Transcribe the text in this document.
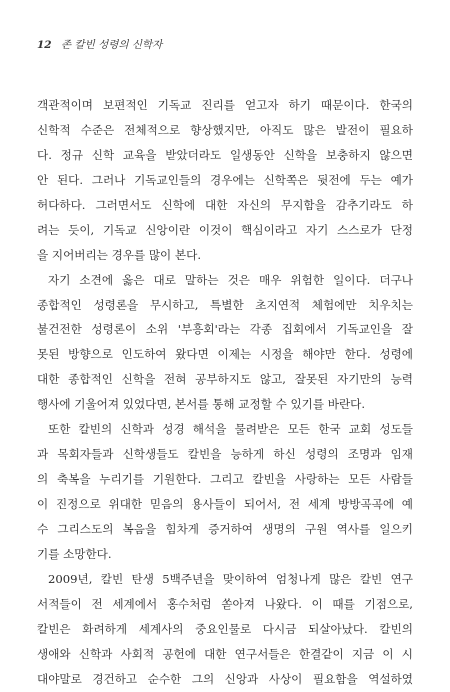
12 존 칼빈 성령의 신학자
객관적이며 보편적인 기독교 진리를 얻고자 하기 때문이다. 한국의
신학적 수준은 전체적으로 향상했지만, 아직도 많은 발전이 필요하
다. 정규 신학 교육을 받았더라도 일생동안 신학을 보충하지 않으면
안 된다. 그러나 기독교인들의 경우에는 신학쪽은 뒷전에 두는 예가
허다하다. 그러면서도 신학에 대한 자신의 무지함을 감추기라도 하
려는 듯이, 기독교 신앙이란 이것이 핵심이라고 자기 스스로가 단정
을 지어버리는 경우를 많이 본다.
자기 소견에 옳은 대로 말하는 것은 매우 위험한 일이다. 더구나
종합적인 성령론을 무시하고, 특별한 초지연적 체험에만 치우치는
불건전한 성령론이 소위 '부흥회'라는 각종 집회에서 기독교인을 잘
못된 방향으로 인도하여 왔다면 이제는 시정을 해야만 한다. 성령에
대한 종합적인 신학을 전혀 공부하지도 않고, 잘못된 자기만의 능력
행사에 기울어져 있었다면, 본서를 통해 교정할 수 있기를 바란다.
또한 칼빈의 신학과 성경 해석을 물려받은 모든 한국 교회 성도들
과 목회자들과 신학생들도 칼빈을 능하게 하신 성령의 조명과 임재
의 축복을 누리기를 기원한다. 그리고 칼빈을 사랑하는 모든 사람들
이 진정으로 위대한 믿음의 용사들이 되어서, 전 세계 방방곡곡에 예
수 그리스도의 복음을 힘차게 증거하여 생명의 구원 역사를 일으키
기를 소망한다.
2009년, 칼빈 탄생 5백주년을 맞이하여 엄청나게 많은 칼빈 연구
서적들이 전 세계에서 홍수처럼 쏟아져 나왔다. 이 때를 기점으로,
칼빈은 화려하게 세계사의 중요인물로 다시금 되살아났다. 칼빈의
생애와 신학과 사회적 공헌에 대한 연구서들은 한결같이 지금 이 시
대야말로 경건하고 순수한 그의 신앙과 사상이 필요함을 역설하였
